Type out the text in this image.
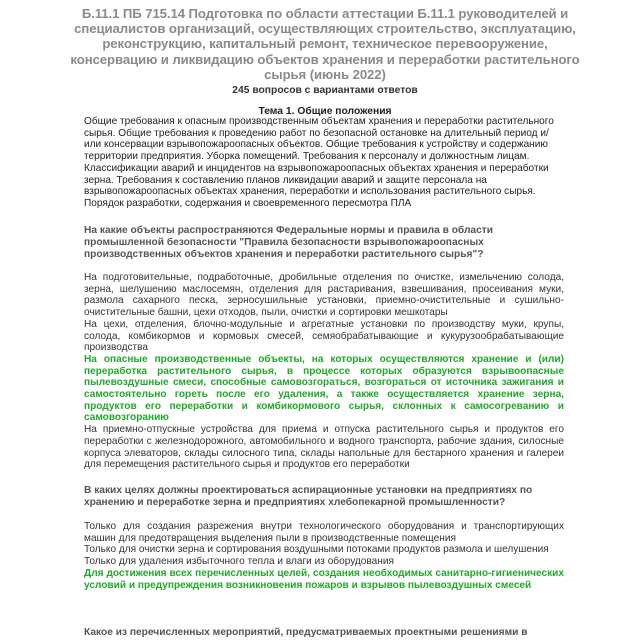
Б.11.1 ПБ 715.14 Подготовка по области аттестации Б.11.1 руководителей и специалистов организаций, осуществляющих строительство, эксплуатацию, реконструкцию, капитальный ремонт, техническое перевооружение, консервацию и ликвидацию объектов хранения и переработки растительного сырья (июнь 2022)
245 вопросов с вариантами ответов
Тема 1. Общие положения
Общие требования к опасным производственным объектам хранения и переработки растительного сырья. Общие требования к проведению работ по безопасной остановке на длительный период и/или консервации взрывопожароопасных объектов. Общие требования к устройству и содержанию территории предприятия. Уборка помещений. Требования к персоналу и должностным лицам. Классификации аварий и инцидентов на взрывопожароопасных объектах хранения и переработки зерна. Требования к составлению планов ликвидации аварий и защите персонала на взрывопожароопасных объектах хранения, переработки и использования растительного сырья. Порядок разработки, содержания и своевременного пересмотра ПЛА
На какие объекты распространяются Федеральные нормы и правила в области промышленной безопасности "Правила безопасности взрывопожароопасных производственных объектов хранения и переработки растительного сырья"?
На подготовительные, подработочные, дробильные отделения по очистке, измельчению солода, зерна, шелушению маслосемян, отделения для растаривания, взвешивания, просеивания муки, размола сахарного песка, зерносушильные установки, приемно-очистительные и сушильно-очистительные башни, цехи отходов, пыли, очистки и сортировки мешкотары
На цехи, отделения, блочно-модульные и агрегатные установки по производству муки, крупы, солода, комбикормов и кормовых смесей, семяобрабатывающие и кукурузообрабатывающие производства
На опасные производственные объекты, на которых осуществляются хранение и (или) переработка растительного сырья, в процессе которых образуются взрывоопасные пылевоздушные смеси, способные самовозгораться, возгораться от источника зажигания и самостоятельно гореть после его удаления, а также осуществляется хранение зерна, продуктов его переработки и комбикормового сырья, склонных к самосогреванию и самовозгоранию
На приемно-отпускные устройства для приема и отпуска растительного сырья и продуктов его переработки с железнодорожного, автомобильного и водного транспорта, рабочие здания, силосные корпуса элеваторов, склады силосного типа, склады напольные для бестарного хранения и галереи для перемещения растительного сырья и продуктов его переработки
В каких целях должны проектироваться аспирационные установки на предприятиях по хранению и переработке зерна и предприятиях хлебопекарной промышленности?
Только для создания разрежения внутри технологического оборудования и транспортирующих машин для предотвращения выделения пыли в производственные помещения
Только для очистки зерна и сортирования воздушными потоками продуктов размола и шелушения
Только для удаления избыточного тепла и влаги из оборудования
Для достижения всех перечисленных целей, создания необходимых санитарно-гигиенических условий и предупреждения возникновения пожаров и взрывов пылевоздушных смесей
Какое из перечисленных мероприятий, предусматриваемых проектными решениями в
